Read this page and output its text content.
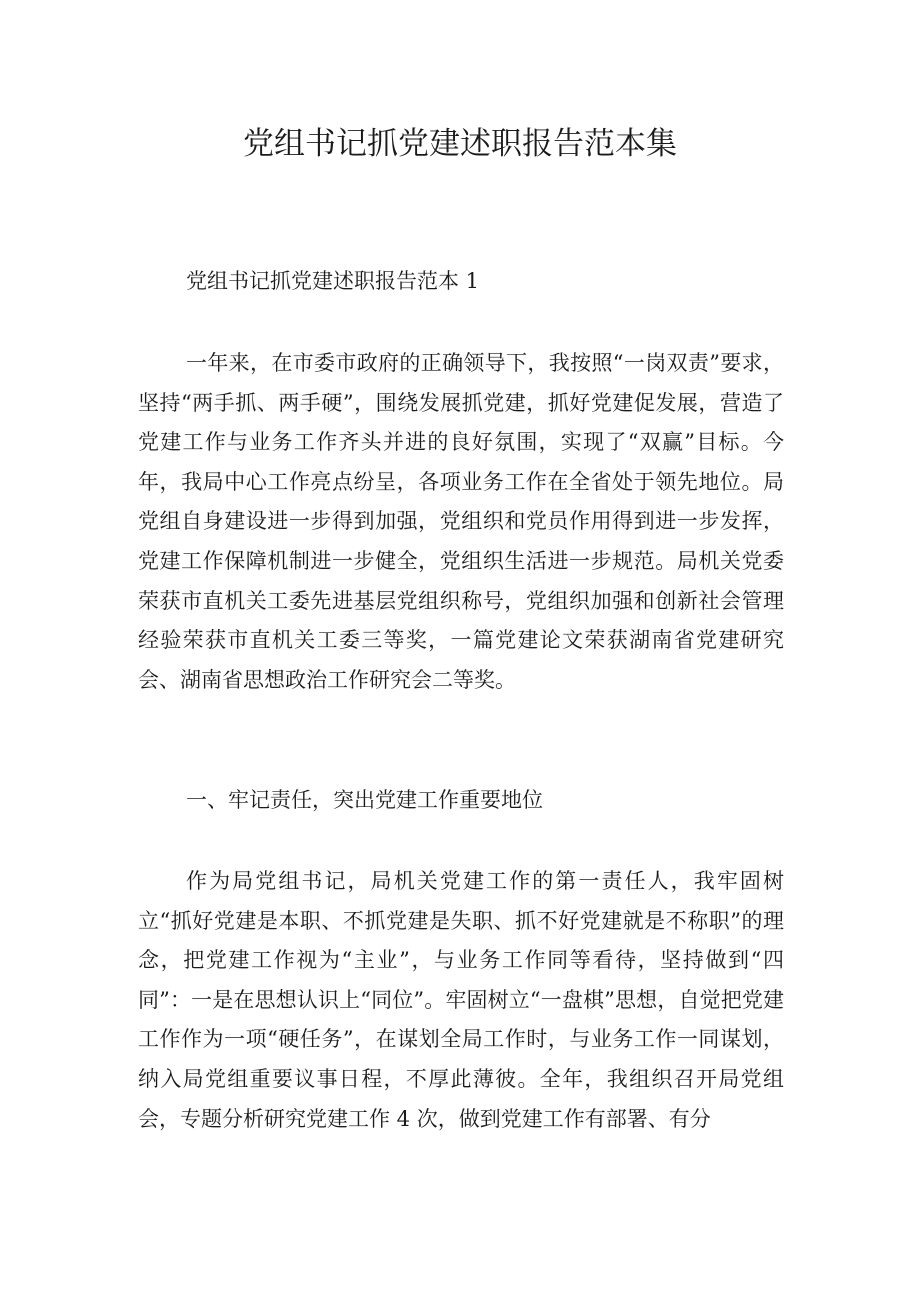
党组书记抓党建述职报告范本集
党组书记抓党建述职报告范本 1

一年来，在市委市政府的正确领导下，我按照“一岗双责”要求，坚持“两手抓、两手硬”，围绕发展抓党建，抓好党建促发展，营造了党建工作与业务工作齐头并进的良好氛围，实现了“双赢”目标。今年，我局中心工作亮点纷呈，各项业务工作在全省处于领先地位。局党组自身建设进一步得到加强，党组织和党员作用得到进一步发挥，党建工作保障机制进一步健全，党组织生活进一步规范。局机关党委荣获市直机关工委先进基层党组织称号，党组织加强和创新社会管理经验荣获市直机关工委三等奖，一篇党建论文荣获湖南省党建研究会、湖南省思想政治工作研究会二等奖。

一、牢记责任，突出党建工作重要地位

作为局党组书记，局机关党建工作的第一责任人，我牢固树立“抓好党建是本职、不抓党建是失职、抓不好党建就是不称职”的理念，把党建工作视为“主业”，与业务工作同等看待，坚持做到“四同”：一是在思想认识上“同位”。牢固树立“一盘棋”思想，自觉把党建工作作为一项“硬任务”，在谋划全局工作时，与业务工作一同谋划，纳入局党组重要议事日程，不厚此薄彼。全年，我组织召开局党组会，专题分析研究党建工作 4 次，做到党建工作有部署、有分
